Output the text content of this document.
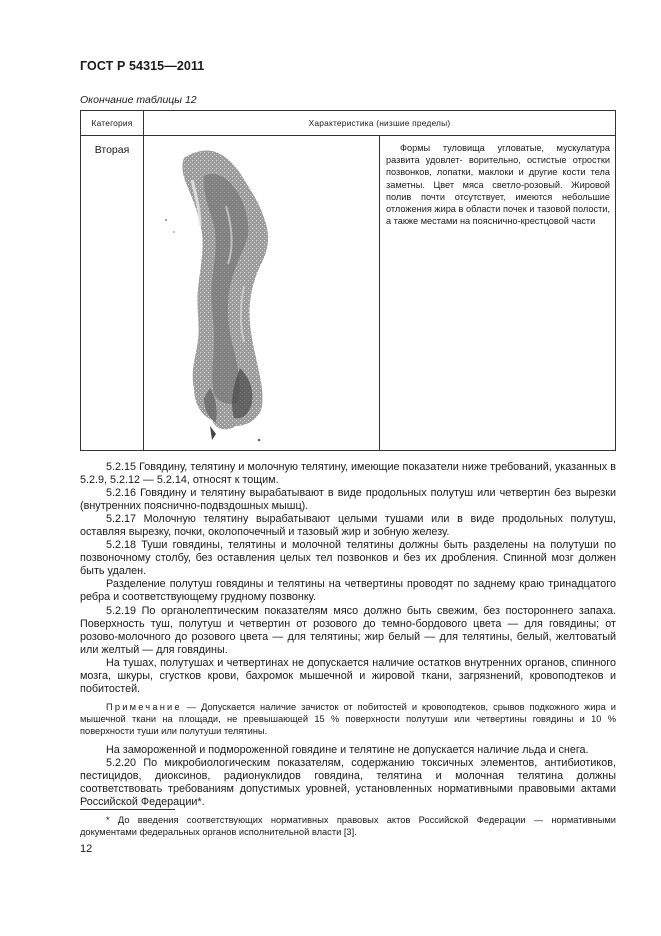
ГОСТ Р 54315—2011
Окончание таблицы 12
Категория	Характеристика (низшие пределы)	
Вторая		Формы туловища угловатые, мускулатура развита удовлет- ворительно, остистые отростки позвонков, лопатки, маклоки и другие кости тела заметны. Цвет мяса светло-розовый. Жировой полив почти отсутствует, имеются небольшие отложения жира в области почек и тазовой полости, а также местами на пояснично-крестцовой части

5.2.15 Говядину, телятину и молочную телятину, имеющие показатели ниже требований, указанных в 5.2.9, 5.2.12 — 5.2.14, относят к тощим.

5.2.16 Говядину и телятину вырабатывают в виде продольных полутуш или четвертин без вырезки (внутренних пояснично-подвздошных мышц).

5.2.17 Молочную телятину вырабатывают целыми тушами или в виде продольных полутуш, оставляя вырезку, почки, околопочечный и тазовый жир и зобную железу.

5.2.18 Туши говядины, телятины и молочной телятины должны быть разделены на полутуши по позвоночному столбу, без оставления целых тел позвонков и без их дробления. Спинной мозг должен быть удален.

Разделение полутуш говядины и телятины на четвертины проводят по заднему краю тринадцатого ребра и соответствующему грудному позвонку.

5.2.19 По органолептическим показателям мясо должно быть свежим, без постороннего запаха. Поверхность туш, полутуш и четвертин от розового до темно-бордового цвета — для говядины; от розово-молочного до розового цвета — для телятины; жир белый — для телятины, белый, желтоватый или желтый — для говядины.

На тушах, полутушах и четвертинах не допускается наличие остатков внутренних органов, спинного мозга, шкуры, сгустков крови, бахромок мышечной и жировой ткани, загрязнений, кровоподтеков и побитостей.

Примечание — Допускается наличие зачисток от побитостей и кровоподтеков, срывов подкожного жира и мышечной ткани на площади, не превышающей 15 % поверхности полутуши или четвертины говядины и 10 % поверхности туши или полутуши телятины.

На замороженной и подмороженной говядине и телятине не допускается наличие льда и снега.

5.2.20 По микробиологическим показателям, содержанию токсичных элементов, антибиотиков, пестицидов, диоксинов, радионуклидов говядина, телятина и молочная телятина должны соответствовать требованиям допустимых уровней, установленных нормативными правовыми актами Российской Федерации*.

* До введения соответствующих нормативных правовых актов Российской Федерации — нормативными документами федеральных органов исполнительной власти [3].

12
